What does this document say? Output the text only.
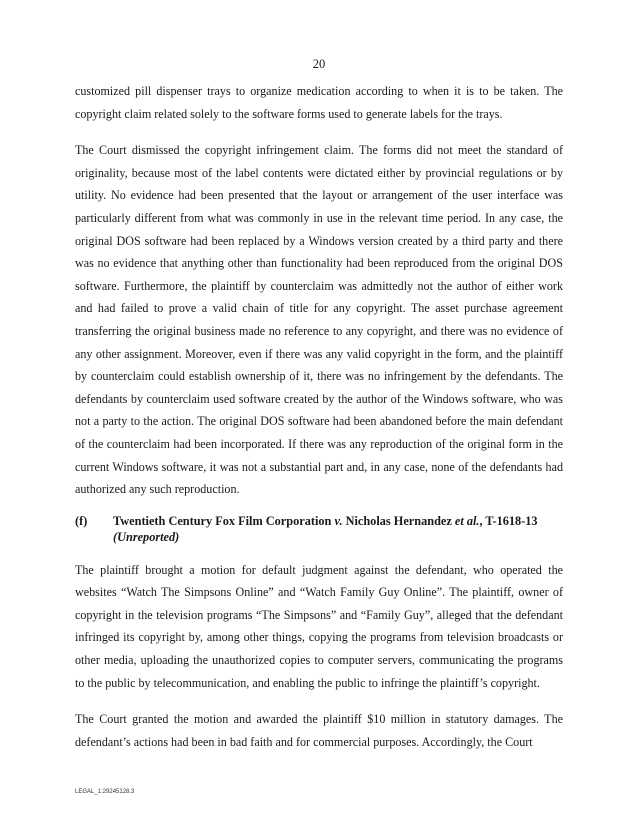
20

customized pill dispenser trays to organize medication according to when it is to be taken. The copyright claim related solely to the software forms used to generate labels for the trays.

The Court dismissed the copyright infringement claim. The forms did not meet the standard of originality, because most of the label contents were dictated either by provincial regulations or by utility. No evidence had been presented that the layout or arrangement of the user interface was particularly different from what was commonly in use in the relevant time period. In any case, the original DOS software had been replaced by a Windows version created by a third party and there was no evidence that anything other than functionality had been reproduced from the original DOS software. Furthermore, the plaintiff by counterclaim was admittedly not the author of either work and had failed to prove a valid chain of title for any copyright. The asset purchase agreement transferring the original business made no reference to any copyright, and there was no evidence of any other assignment. Moreover, even if there was any valid copyright in the form, and the plaintiff by counterclaim could establish ownership of it, there was no infringement by the defendants. The defendants by counterclaim used software created by the author of the Windows software, who was not a party to the action. The original DOS software had been abandoned before the main defendant of the counterclaim had been incorporated. If there was any reproduction of the original form in the current Windows software, it was not a substantial part and, in any case, none of the defendants had authorized any such reproduction.

(f)	Twentieth Century Fox Film Corporation v. Nicholas Hernandez et al., T-1618-13
(Unreported)

The plaintiff brought a motion for default judgment against the defendant, who operated the websites “Watch The Simpsons Online” and “Watch Family Guy Online”. The plaintiff, owner of copyright in the television programs “The Simpsons” and “Family Guy”, alleged that the defendant infringed its copyright by, among other things, copying the programs from television broadcasts or other media, uploading the unauthorized copies to computer servers, communicating the programs to the public by telecommunication, and enabling the public to infringe the plaintiff’s copyright.

The Court granted the motion and awarded the plaintiff $10 million in statutory damages. The defendant’s actions had been in bad faith and for commercial purposes. Accordingly, the Court

LEGAL_1:29245128.3
